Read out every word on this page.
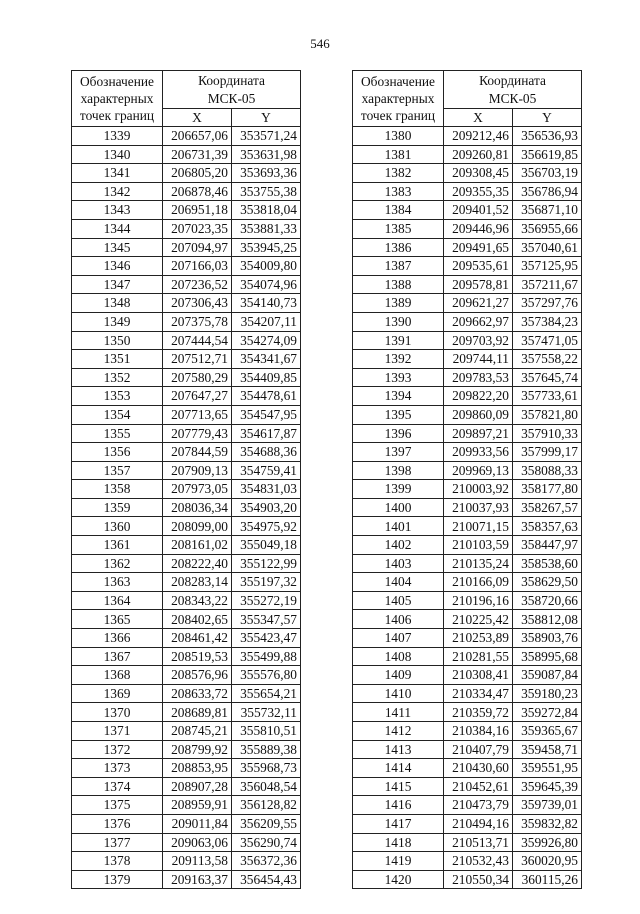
546
Обозначение
характерных
точек границ	Координата
МСК-05	
	X	Y
1339	206657,06	353571,24
1340	206731,39	353631,98
1341	206805,20	353693,36
1342	206878,46	353755,38
1343	206951,18	353818,04
1344	207023,35	353881,33
1345	207094,97	353945,25
1346	207166,03	354009,80
1347	207236,52	354074,96
1348	207306,43	354140,73
1349	207375,78	354207,11
1350	207444,54	354274,09
1351	207512,71	354341,67
1352	207580,29	354409,85
1353	207647,27	354478,61
1354	207713,65	354547,95
1355	207779,43	354617,87
1356	207844,59	354688,36
1357	207909,13	354759,41
1358	207973,05	354831,03
1359	208036,34	354903,20
1360	208099,00	354975,92
1361	208161,02	355049,18
1362	208222,40	355122,99
1363	208283,14	355197,32
1364	208343,22	355272,19
1365	208402,65	355347,57
1366	208461,42	355423,47
1367	208519,53	355499,88
1368	208576,96	355576,80
1369	208633,72	355654,21
1370	208689,81	355732,11
1371	208745,21	355810,51
1372	208799,92	355889,38
1373	208853,95	355968,73
1374	208907,28	356048,54
1375	208959,91	356128,82
1376	209011,84	356209,55
1377	209063,06	356290,74
1378	209113,58	356372,36
1379	209163,37	356454,43
Обозначение
характерных
точек границ	Координата
МСК-05	
	X	Y
1380	209212,46	356536,93
1381	209260,81	356619,85
1382	209308,45	356703,19
1383	209355,35	356786,94
1384	209401,52	356871,10
1385	209446,96	356955,66
1386	209491,65	357040,61
1387	209535,61	357125,95
1388	209578,81	357211,67
1389	209621,27	357297,76
1390	209662,97	357384,23
1391	209703,92	357471,05
1392	209744,11	357558,22
1393	209783,53	357645,74
1394	209822,20	357733,61
1395	209860,09	357821,80
1396	209897,21	357910,33
1397	209933,56	357999,17
1398	209969,13	358088,33
1399	210003,92	358177,80
1400	210037,93	358267,57
1401	210071,15	358357,63
1402	210103,59	358447,97
1403	210135,24	358538,60
1404	210166,09	358629,50
1405	210196,16	358720,66
1406	210225,42	358812,08
1407	210253,89	358903,76
1408	210281,55	358995,68
1409	210308,41	359087,84
1410	210334,47	359180,23
1411	210359,72	359272,84
1412	210384,16	359365,67
1413	210407,79	359458,71
1414	210430,60	359551,95
1415	210452,61	359645,39
1416	210473,79	359739,01
1417	210494,16	359832,82
1418	210513,71	359926,80
1419	210532,43	360020,95
1420	210550,34	360115,26
